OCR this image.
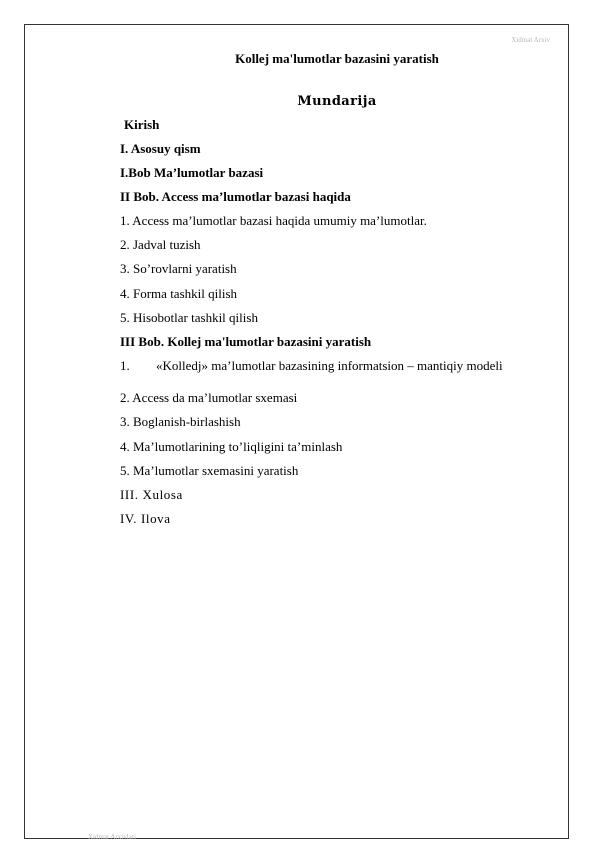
Xidmat Arxiv
Xidmat Arxivlari
Kollej ma'lumotlar bazasini yaratish
Mundarija
Kirish
I. Asosuy qism
I.Bob Ma’lumotlar bazasi
II Bob. Access ma’lumotlar bazasi haqida
1. Access ma’lumotlar bazasi haqida umumiy ma’lumotlar.
2. Jadval tuzish
3. So’rovlarni yaratish
4. Forma tashkil qilish
5. Hisobotlar tashkil qilish
III Bob. Kollej ma'lumotlar bazasini yaratish
1. «Kolledj» ma’lumotlar bazasining informatsion – mantiqiy modeli
2. Access da ma’lumotlar sxemasi
3. Boglanish-birlashish
4. Ma’lumotlarining to’liqligini ta’minlash
5. Ma’lumotlar sxemasini yaratish
III. Xulosa
IV. Ilova
